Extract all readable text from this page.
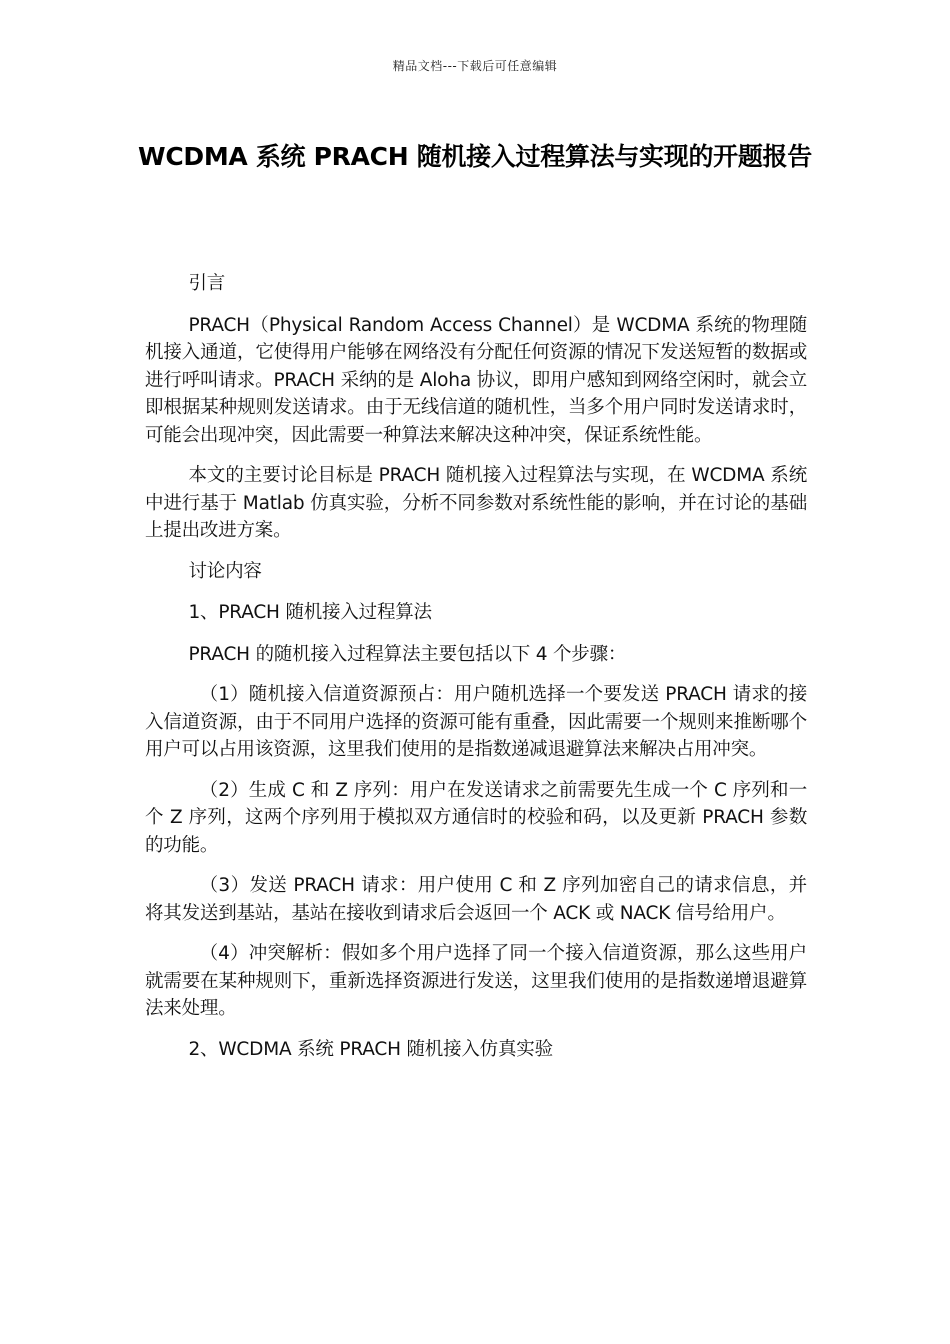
精品文档---下载后可任意编辑
WCDMA 系统 PRACH 随机接入过程算法与实现的开题报告

引言

PRACH（Physical Random Access Channel）是 WCDMA 系统的物理随机接入通道，它使得用户能够在网络没有分配任何资源的情况下发送短暂的数据或进行呼叫请求。PRACH 采纳的是 Aloha 协议，即用户感知到网络空闲时，就会立即根据某种规则发送请求。由于无线信道的随机性，当多个用户同时发送请求时，可能会出现冲突，因此需要一种算法来解决这种冲突，保证系统性能。

本文的主要讨论目标是 PRACH 随机接入过程算法与实现，在 WCDMA 系统中进行基于 Matlab 仿真实验，分析不同参数对系统性能的影响，并在讨论的基础上提出改进方案。

讨论内容

1、PRACH 随机接入过程算法

PRACH 的随机接入过程算法主要包括以下 4 个步骤：

（1）随机接入信道资源预占：用户随机选择一个要发送 PRACH 请求的接入信道资源，由于不同用户选择的资源可能有重叠，因此需要一个规则来推断哪个用户可以占用该资源，这里我们使用的是指数递减退避算法来解决占用冲突。

（2）生成 C 和 Z 序列：用户在发送请求之前需要先生成一个 C 序列和一个 Z 序列，这两个序列用于模拟双方通信时的校验和码，以及更新 PRACH 参数的功能。

（3）发送 PRACH 请求：用户使用 C 和 Z 序列加密自己的请求信息，并将其发送到基站，基站在接收到请求后会返回一个 ACK 或 NACK 信号给用户。

（4）冲突解析：假如多个用户选择了同一个接入信道资源，那么这些用户就需要在某种规则下，重新选择资源进行发送，这里我们使用的是指数递增退避算法来处理。

2、WCDMA 系统 PRACH 随机接入仿真实验
